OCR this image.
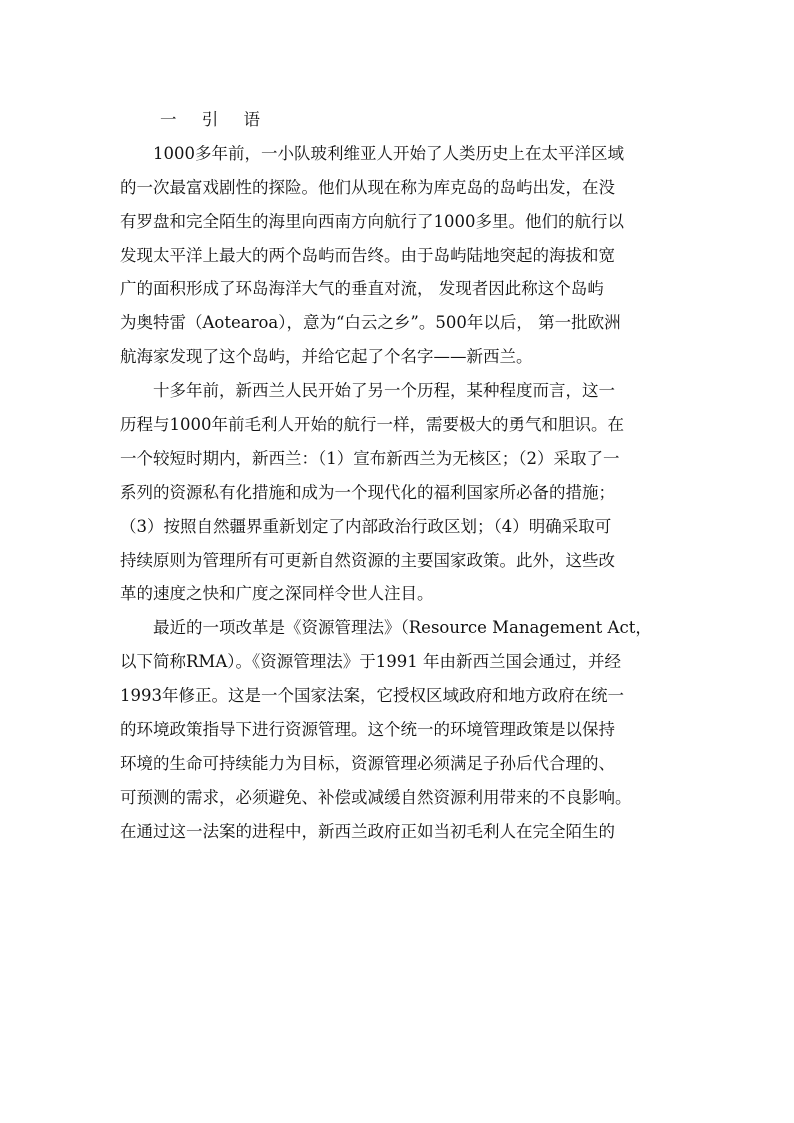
一 引 语
1000多年前，一小队玻利维亚人开始了人类历史上在太平洋区域
的一次最富戏剧性的探险。他们从现在称为库克岛的岛屿出发，在没
有罗盘和完全陌生的海里向西南方向航行了1000多里。他们的航行以
发现太平洋上最大的两个岛屿而告终。由于岛屿陆地突起的海拔和宽
广的面积形成了环岛海洋大气的垂直对流， 发现者因此称这个岛屿
为奥特雷（Aotearoa），意为“白云之乡”。500年以后， 第一批欧洲
航海家发现了这个岛屿，并给它起了个名字——新西兰。
十多年前，新西兰人民开始了另一个历程，某种程度而言，这一
历程与1000年前毛利人开始的航行一样，需要极大的勇气和胆识。在
一个较短时期内，新西兰：（1）宣布新西兰为无核区；（2）采取了一
系列的资源私有化措施和成为一个现代化的福利国家所必备的措施；
（3）按照自然疆界重新划定了内部政治行政区划；（4）明确采取可
持续原则为管理所有可更新自然资源的主要国家政策。此外，这些改
革的速度之快和广度之深同样令世人注目。
最近的一项改革是《资源管理法》（Resource Management Act，
以下简称RMA）。《资源管理法》于1991 年由新西兰国会通过，并经
1993年修正。这是一个国家法案，它授权区域政府和地方政府在统一
的环境政策指导下进行资源管理。这个统一的环境管理政策是以保持
环境的生命可持续能力为目标，资源管理必须满足子孙后代合理的、
可预测的需求，必须避免、补偿或减缓自然资源利用带来的不良影响。
在通过这一法案的进程中，新西兰政府正如当初毛利人在完全陌生的
